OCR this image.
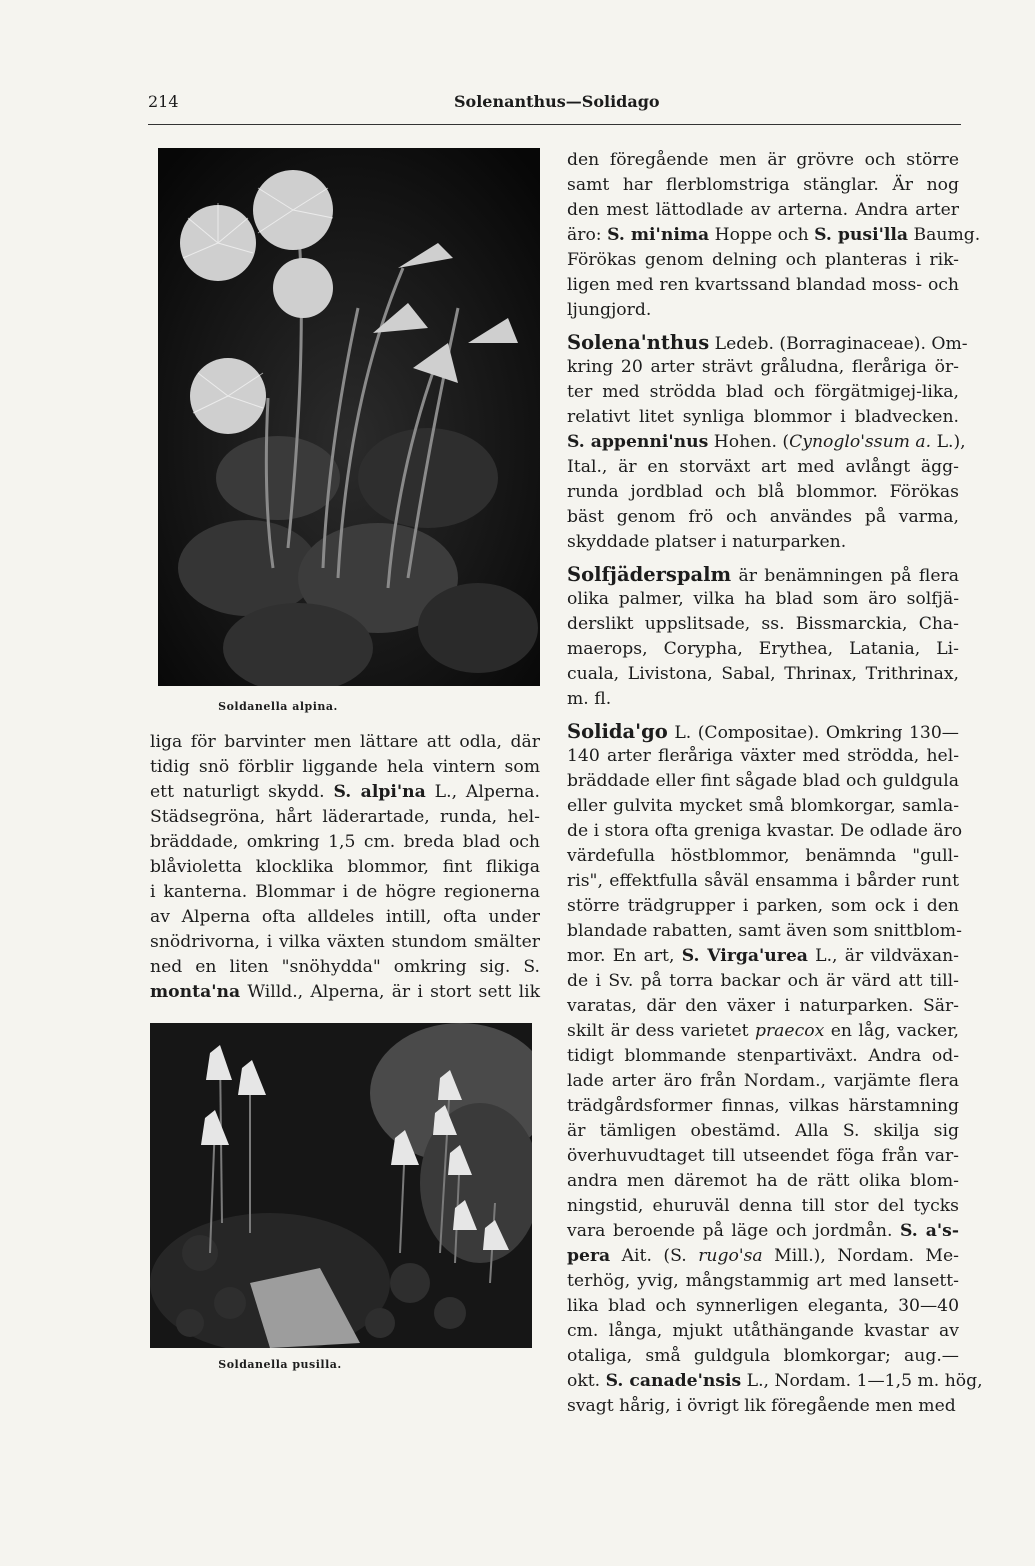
214	Solenanthus—Solidago
Soldanella alpina.
liga för barvinter men lättare att odla, där
tidig snö förblir liggande hela vintern som
ett naturligt skydd. S. alpi'na L., Alperna.
Städsegröna, hårt läderartade, runda, hel-
bräddade, omkring 1,5 cm. breda blad och
blåvioletta klocklika blommor, fint flikiga
i kanterna. Blommar i de högre regionerna
av Alperna ofta alldeles intill, ofta under
snödrivorna, i vilka växten stundom smälter
ned en liten "snöhydda" omkring sig. S.
monta'na Willd., Alperna, är i stort sett lik
Soldanella pusilla.
den föregående men är grövre och större
samt har flerblomstriga stänglar. Är nog
den mest lättodlade av arterna. Andra arter
äro: S. mi'nima Hoppe och S. pusi'lla Baumg.
Förökas genom delning och planteras i rik-
ligen med ren kvartssand blandad moss- och
ljungjord.
Solena'nthus Ledeb. (Borraginaceae). Om-
kring 20 arter strävt gråludna, fleråriga ör-
ter med strödda blad och förgätmigej-lika,
relativt litet synliga blommor i bladvecken.
S. appenni'nus Hohen. (Cynoglo'ssum a. L.),
Ital., är en storväxt art med avlångt ägg-
runda jordblad och blå blommor. Förökas
bäst genom frö och användes på varma,
skyddade platser i naturparken.
Solfjäderspalm är benämningen på flera
olika palmer, vilka ha blad som äro solfjä-
derslikt uppslitsade, ss. Bissmarckia, Cha-
maerops, Corypha, Erythea, Latania, Li-
cuala, Livistona, Sabal, Thrinax, Trithrinax,
m. fl.
Solida'go L. (Compositae). Omkring 130—
140 arter fleråriga växter med strödda, hel-
bräddade eller fint sågade blad och guldgula
eller gulvita mycket små blomkorgar, samla-
de i stora ofta greniga kvastar. De odlade äro
värdefulla höstblommor, benämnda "gull-
ris", effektfulla såväl ensamma i bårder runt
större trädgrupper i parken, som ock i den
blandade rabatten, samt även som snittblom-
mor. En art, S. Virga'urea L., är vildväxan-
de i Sv. på torra backar och är värd att till-
varatas, där den växer i naturparken. Sär-
skilt är dess varietet praecox en låg, vacker,
tidigt blommande stenpartiväxt. Andra od-
lade arter äro från Nordam., varjämte flera
trädgårdsformer finnas, vilkas härstamning
är tämligen obestämd. Alla S. skilja sig
överhuvudtaget till utseendet föga från var-
andra men däremot ha de rätt olika blom-
ningstid, ehuruväl denna till stor del tycks
vara beroende på läge och jordmån. S. a's-
pera Ait. (S. rugo'sa Mill.), Nordam. Me-
terhög, yvig, mångstammig art med lansett-
lika blad och synnerligen eleganta, 30—40
cm. långa, mjukt utåthängande kvastar av
otaliga, små guldgula blomkorgar; aug.—
okt. S. canade'nsis L., Nordam. 1—1,5 m. hög,
svagt hårig, i övrigt lik föregående men med
